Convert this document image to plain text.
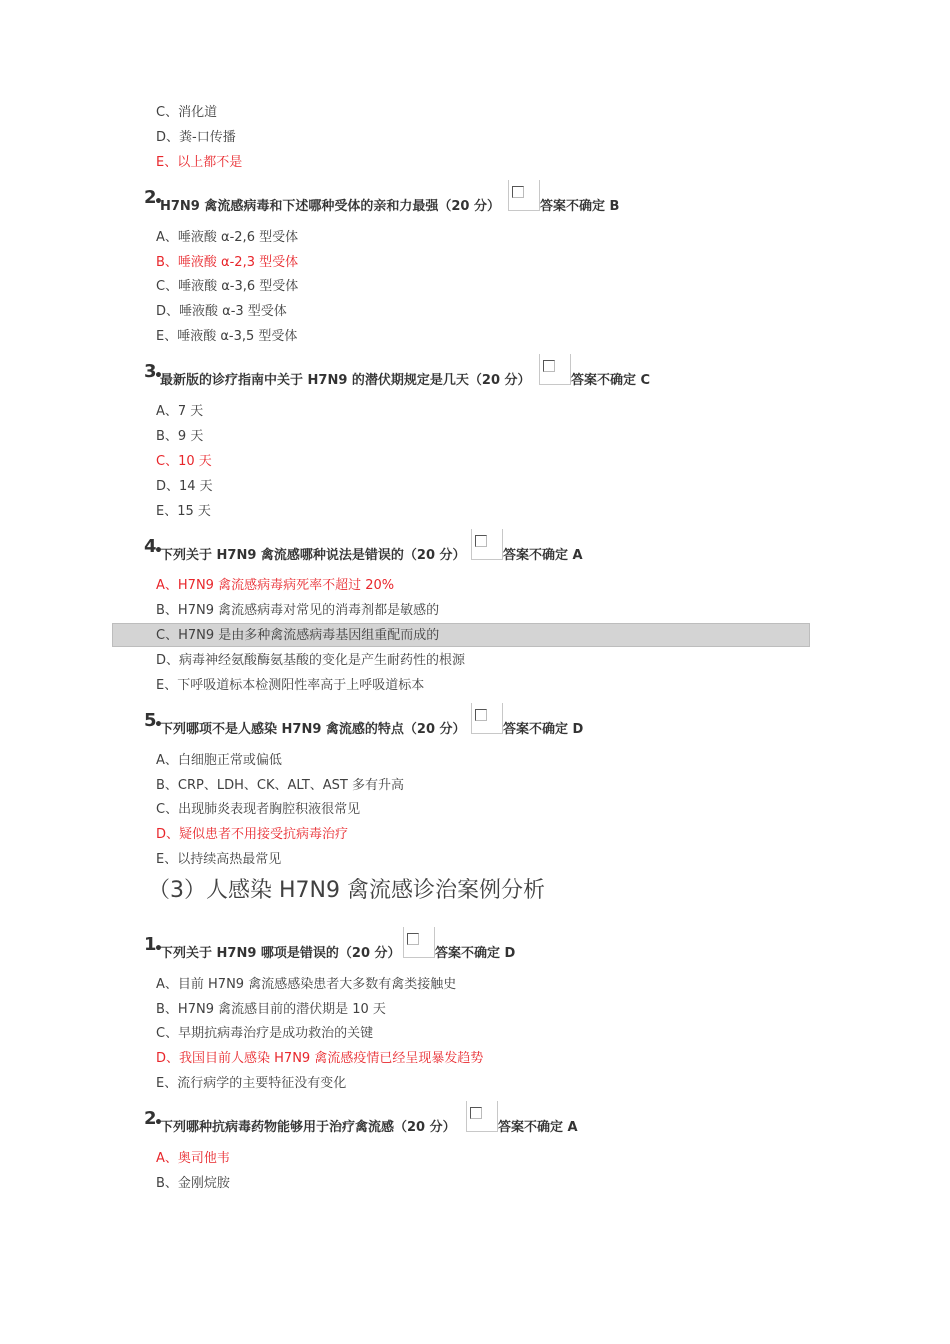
C、消化道
D、粪-口传播
E、以上都不是
2
•
H7N9 禽流感病毒和下述哪种受体的亲和力最强（20 分）	答案不确定 B
A、唾液酸 α-2,6 型受体
B、唾液酸 α-2,3 型受体
C、唾液酸 α-3,6 型受体
D、唾液酸 α-3 型受体
E、唾液酸 α-3,5 型受体
3
•
最新版的诊疗指南中关于 H7N9 的潜伏期规定是几天（20 分）	答案不确定 C
A、7 天
B、9 天
C、10 天
D、14 天
E、15 天
4
•
下列关于 H7N9 禽流感哪种说法是错误的（20 分）	答案不确定 A
A、H7N9 禽流感病毒病死率不超过 20%
B、H7N9 禽流感病毒对常见的消毒剂都是敏感的
C、H7N9 是由多种禽流感病毒基因组重配而成的
D、病毒神经氨酸酶氨基酸的变化是产生耐药性的根源
E、下呼吸道标本检测阳性率高于上呼吸道标本
5
•
下列哪项不是人感染 H7N9 禽流感的特点（20 分）	答案不确定 D
A、白细胞正常或偏低
B、CRP、LDH、CK、ALT、AST 多有升高
C、出现肺炎表现者胸腔积液很常见
D、疑似患者不用接受抗病毒治疗
E、以持续高热最常见
（3）人感染 H7N9 禽流感诊治案例分析
1
•
下列关于 H7N9 哪项是错误的（20 分）	答案不确定 D
A、目前 H7N9 禽流感感染患者大多数有禽类接触史
B、H7N9 禽流感目前的潜伏期是 10 天
C、早期抗病毒治疗是成功救治的关键
D、我国目前人感染 H7N9 禽流感疫情已经呈现暴发趋势
E、流行病学的主要特征没有变化
2
•
下列哪种抗病毒药物能够用于治疗禽流感（20 分）	答案不确定 A
A、奥司他韦
B、金刚烷胺
